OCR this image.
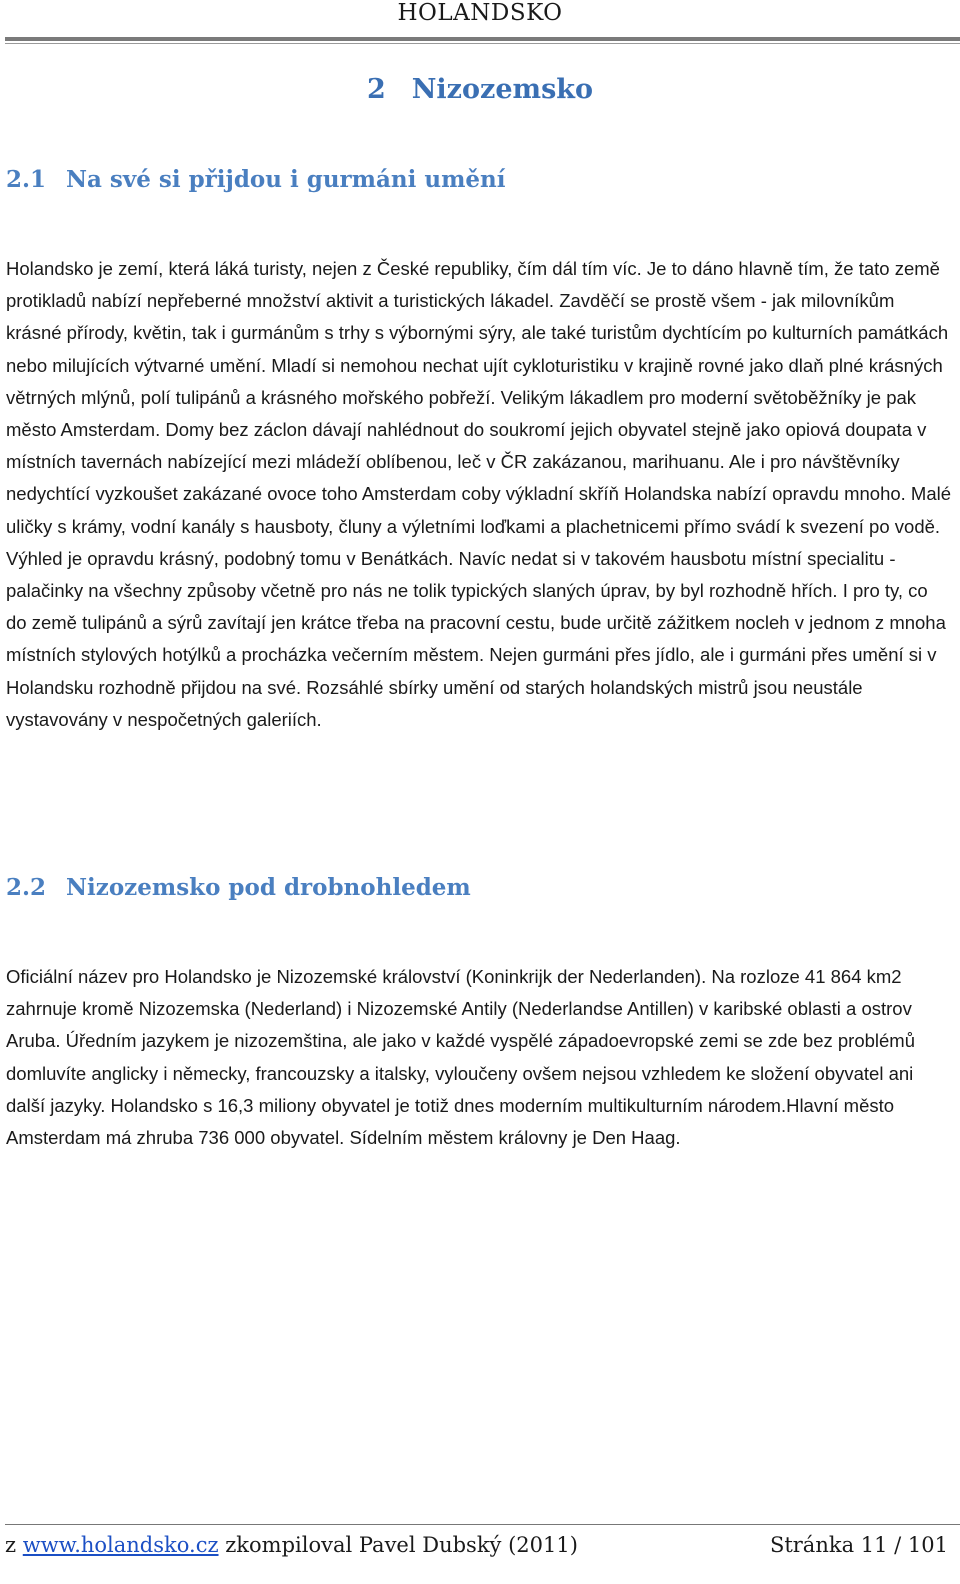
HOLANDSKO
2 Nizozemsko
2.1 Na své si přijdou i gurmáni umění

Holandsko je zemí, která láká turisty, nejen z České republiky, čím dál tím víc. Je to dáno hlavně tím, že tato země protikladů nabízí nepřeberné množství aktivit a turistických lákadel. Zavděčí se prostě všem - jak milovníkům krásné přírody, květin, tak i gurmánům s trhy s výbornými sýry, ale také turistům dychtícím po kulturních památkách nebo milujících výtvarné umění. Mladí si nemohou nechat ujít cykloturistiku v krajině rovné jako dlaň plné krásných větrných mlýnů, polí tulipánů a krásného mořského pobřeží. Velikým lákadlem pro moderní světoběžníky je pak město Amsterdam. Domy bez záclon dávají nahlédnout do soukromí jejich obyvatel stejně jako opiová doupata v místních tavernách nabízející mezi mládeží oblíbenou, leč v ČR zakázanou, marihuanu. Ale i pro návštěvníky nedychtící vyzkoušet zakázané ovoce toho Amsterdam coby výkladní skříň Holandska nabízí opravdu mnoho. Malé uličky s krámy, vodní kanály s hausboty, čluny a výletními loďkami a plachetnicemi přímo svádí k svezení po vodě. Výhled je opravdu krásný, podobný tomu v Benátkách. Navíc nedat si v takovém hausbotu místní specialitu - palačinky na všechny způsoby včetně pro nás ne tolik typických slaných úprav, by byl rozhodně hřích. I pro ty, co do země tulipánů a sýrů zavítají jen krátce třeba na pracovní cestu, bude určitě zážitkem nocleh v jednom z mnoha místních stylových hotýlků a procházka večerním městem. Nejen gurmáni přes jídlo, ale i gurmáni přes umění si v Holandsku rozhodně přijdou na své. Rozsáhlé sbírky umění od starých holandských mistrů jsou neustále vystavovány v nespočetných galeriích.

2.2 Nizozemsko pod drobnohledem

Oficiální název pro Holandsko je Nizozemské království (Koninkrijk der Nederlanden). Na rozloze 41 864 km2 zahrnuje kromě Nizozemska (Nederland) i Nizozemské Antily (Nederlandse Antillen) v karibské oblasti a ostrov Aruba. Úředním jazykem je nizozemština, ale jako v každé vyspělé západoevropské zemi se zde bez problémů domluvíte anglicky i německy, francouzsky a italsky, vyloučeny ovšem nejsou vzhledem ke složení obyvatel ani další jazyky. Holandsko s 16,3 miliony obyvatel je totiž dnes moderním multikulturním národem.Hlavní město Amsterdam má zhruba 736 000 obyvatel. Sídelním městem královny je Den Haag.

z www.holandsko.cz zkompiloval Pavel Dubský (2011)	Stránka 11 / 101
